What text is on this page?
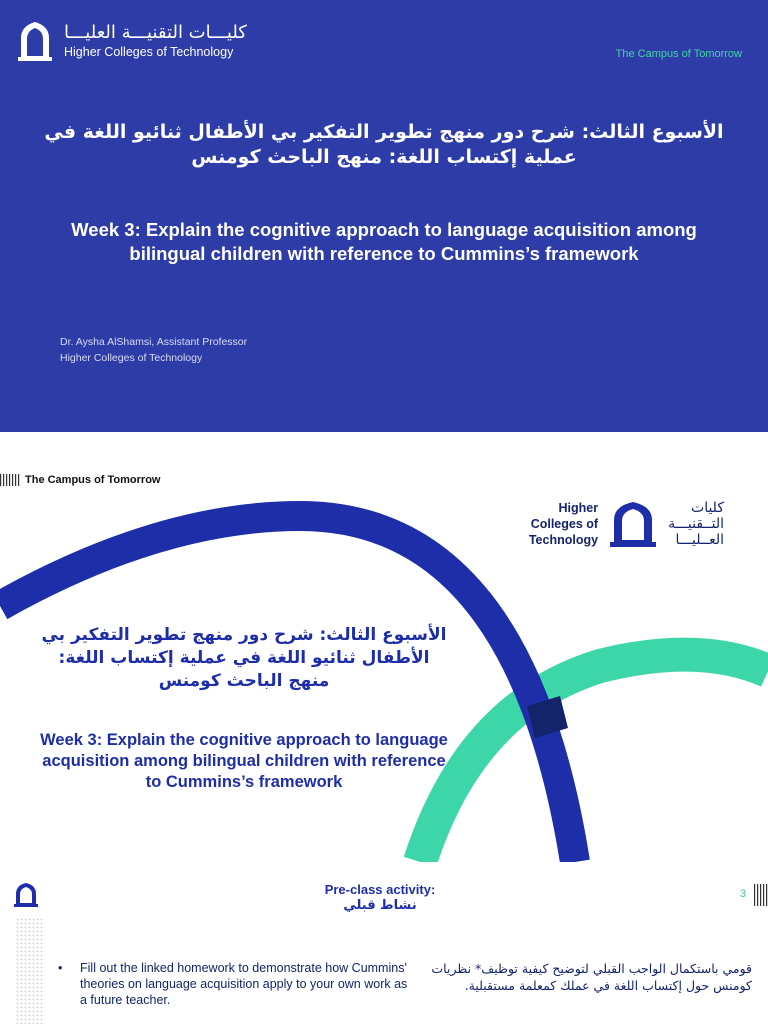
كليـــات التقنيـــة العليـــا
Higher Colleges of Technology	The Campus of Tomorrow
الأسبوع الثالث: شرح دور منهج تطوير التفكير بي الأطفال ثنائيو اللغة في عملية إكتساب اللغة: منهج الباحث كومنس
Week 3: Explain the cognitive approach to language acquisition among bilingual children with reference to Cummins’s framework
Dr. Aysha AlShamsi, Assistant Professor
Higher Colleges of Technology
The Campus of Tomorrow
Higher
Colleges of
Technology
كليات
التــقنيـــة
العــليـــا
الأسبوع الثالث: شرح دور منهج تطوير التفكير بي الأطفال ثنائيو اللغة في عملية إكتساب اللغة: منهج الباحث كومنس
Week 3: Explain the cognitive approach to language acquisition among bilingual children with reference to Cummins’s framework
Pre-class activity:
نشاط قبلي
3
• Fill out the linked homework to demonstrate how Cummins' theories on language acquisition apply to your own work as a future teacher.
قومي باستكمال الواجب القبلي لتوضيح كيفية توظيف* نظريات كومنس حول إكتساب اللغة في عملك كمعلمة مستقبلية.
